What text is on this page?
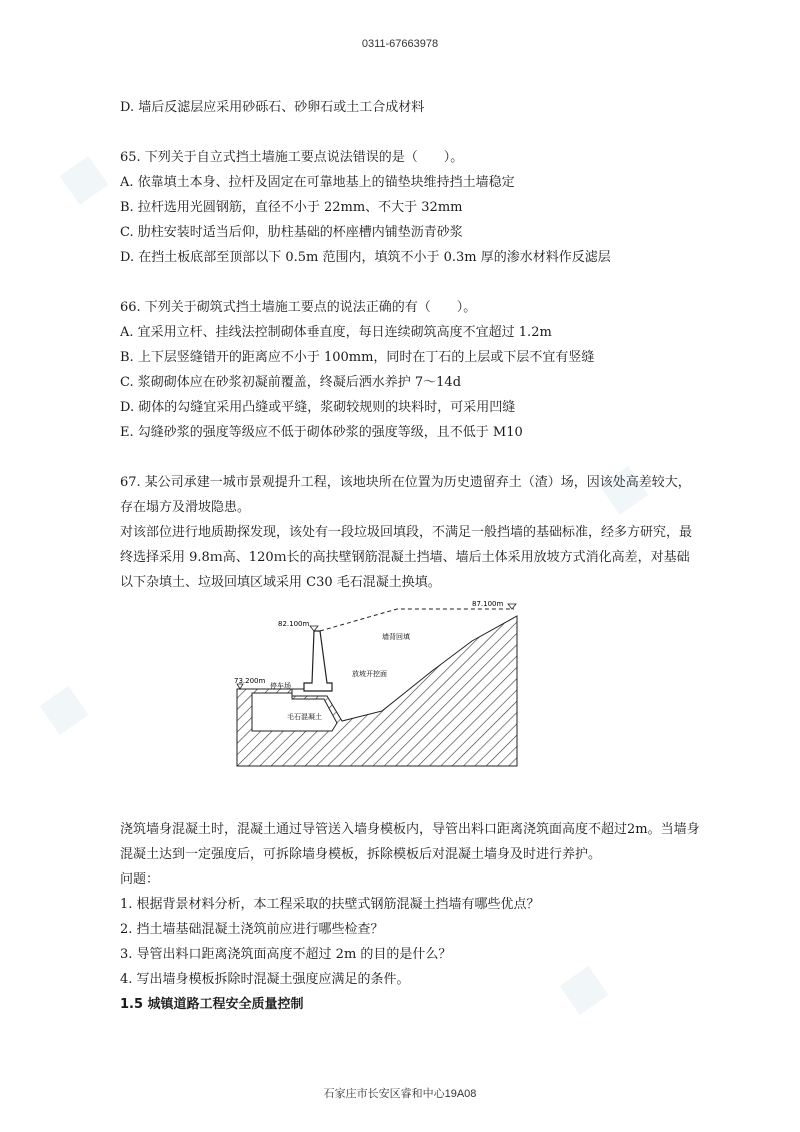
■
■
■
■
0311-67663978

D. 墙后反滤层应采用砂砾石、砂卵石或土工合成材料

65. 下列关于自立式挡土墙施工要点说法错误的是（　　）。

A. 依靠填土本身、拉杆及固定在可靠地基上的锚垫块维持挡土墙稳定

B. 拉杆选用光圆钢筋，直径不小于 22mm、不大于 32mm

C. 肋柱安装时适当后仰，肋柱基础的杯座槽内铺垫沥青砂浆

D. 在挡土板底部至顶部以下 0.5m 范围内，填筑不小于 0.3m 厚的渗水材料作反滤层

66. 下列关于砌筑式挡土墙施工要点的说法正确的有（　　）。

A. 宜采用立杆、挂线法控制砌体垂直度，每日连续砌筑高度不宜超过 1.2m

B. 上下层竖缝错开的距离应不小于 100mm，同时在丁石的上层或下层不宜有竖缝

C. 浆砌砌体应在砂浆初凝前覆盖，终凝后洒水养护 7～14d

D. 砌体的勾缝宜采用凸缝或平缝，浆砌较规则的块料时，可采用凹缝

E. 勾缝砂浆的强度等级应不低于砌体砂浆的强度等级，且不低于 M10

67. 某公司承建一城市景观提升工程，该地块所在位置为历史遗留弃土（渣）场，因该处高差较大，存在塌方及滑坡隐患。

对该部位进行地质勘探发现，该处有一段垃圾回填段，不满足一般挡墙的基础标准，经多方研究，最终选择采用 9.8ｍ高、120ｍ长的高扶壁钢筋混凝土挡墙、墙后土体采用放坡方式消化高差，对基础以下杂填土、垃圾回填区域采用 C30 毛石混凝土换填。

87.100m
82.100m
73.200m
停车场
墙背回填
放坡开挖面
毛石混凝土

浇筑墙身混凝土时，混凝土通过导管送入墙身模板内，导管出料口距离浇筑面高度不超过2m。当墙身混凝土达到一定强度后，可拆除墙身模板，拆除模板后对混凝土墙身及时进行养护。

问题：

1. 根据背景材料分析，本工程采取的扶壁式钢筋混凝土挡墙有哪些优点？

2. 挡土墙基础混凝土浇筑前应进行哪些检查？

3. 导管出料口距离浇筑面高度不超过 2m 的目的是什么？

4. 写出墙身模板拆除时混凝土强度应满足的条件。

1.5 城镇道路工程安全质量控制

石家庄市长安区睿和中心19A08
